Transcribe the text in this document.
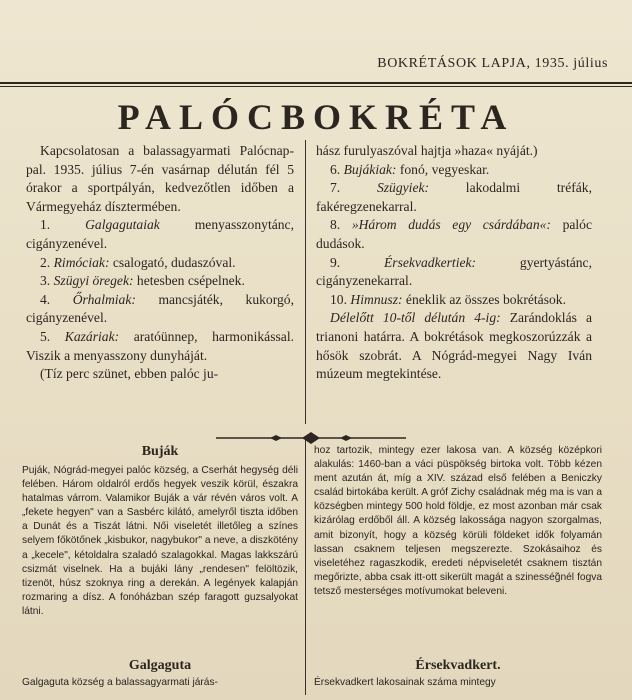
BOKRÉTÁSOK LAPJA, 1935. július
PALÓCBOKRÉTA

Kapcsolatosan a balassagyarmati Palócnap-pal. 1935. július 7-én vasárnap délután fél 5 órakor a sportpályán, kedvezőtlen időben a Vármegyeház dísztermében.

1.	Galgagutaiak menyasszonytánc, cigányzenével.

2. Rimóciak: csalogató, dudaszóval.

3. Szügyi öregek: hetesben csépelnek.

4. Őrhalmiak: mancsjáték, kukorgó, cigányzenével.

5. Kazáriak: aratóünnep, harmonikással. Viszik a menyasszony dunyháját.

(Tíz perc szünet, ebben palóc ju-

hász furulyaszóval hajtja »haza« nyáját.)

6. Bujákiak: fonó, vegyeskar.

7.	Szügyiek: lakodalmi tréfák, fakéregzenekarral.

8. »Három dudás egy csárdában«: palóc dudások.

9.	Érsekvadkertiek: gyertyástánc, cigányzenekarral.

10. Himnusz: éneklik az összes bokrétások.

Délelőtt 10-től délután 4-ig: Zarándoklás a trianoni határra. A bokrétások megkoszorúzzák a hősök szobrát. A Nógrád-megyei Nagy Iván múzeum megtekintése.

Buják

Puják, Nógrád-megyei palóc község, a Cserhát hegység déli felében. Három oldalról erdős hegyek veszik körül, északra hatalmas várrom. Valamikor Buják a vár révén város volt. A „fekete hegyen" van a Sasbérc kilátó, amelyről tiszta időben a Dunát és a Tiszát látni. Női viseletét illetőleg a színes selyem főkötőnek „kisbukor, nagybukor" a neve, a diszkötény a „kecele", kétoldalra szaladó szalagokkal. Magas lakkszárú csizmát viselnek. Ha a bujáki lány „rendesen" felöltözik, tizenöt, húsz szoknya ring a derekán. A legények kalapján rozmaring a dísz. A fonóházban szép faragott guzsalyokat látni.

hoz tartozik, mintegy ezer lakosa van. A község középkori alakulás: 1460-ban a váci püspökség birtoka volt. Több kézen ment azután át, míg a XIV. század első felében a Beniczky család birtokába került. A gróf Zichy családnak még ma is van a községben mintegy 500 hold földje, ez most azonban már csak kizárólag erdőből áll. A község lakossága nagyon szorgalmas, amit bizonyít, hogy a község körüli földeket idők folyamán lassan csaknem teljesen megszerezte. Szokásaihoz és viseletéhez ragaszkodik, eredeti népviseletét csaknem tisztán megőrizte, abba csak itt-ott sikerült magát a szinesség̃nél fogva tetsző mesterséges motívumokat beleveni.

Galgaguta

Galgaguta község a balassagyarmati járás-

Érsekvadkert.

Érsekvadkert lakosainak száma mintegy
